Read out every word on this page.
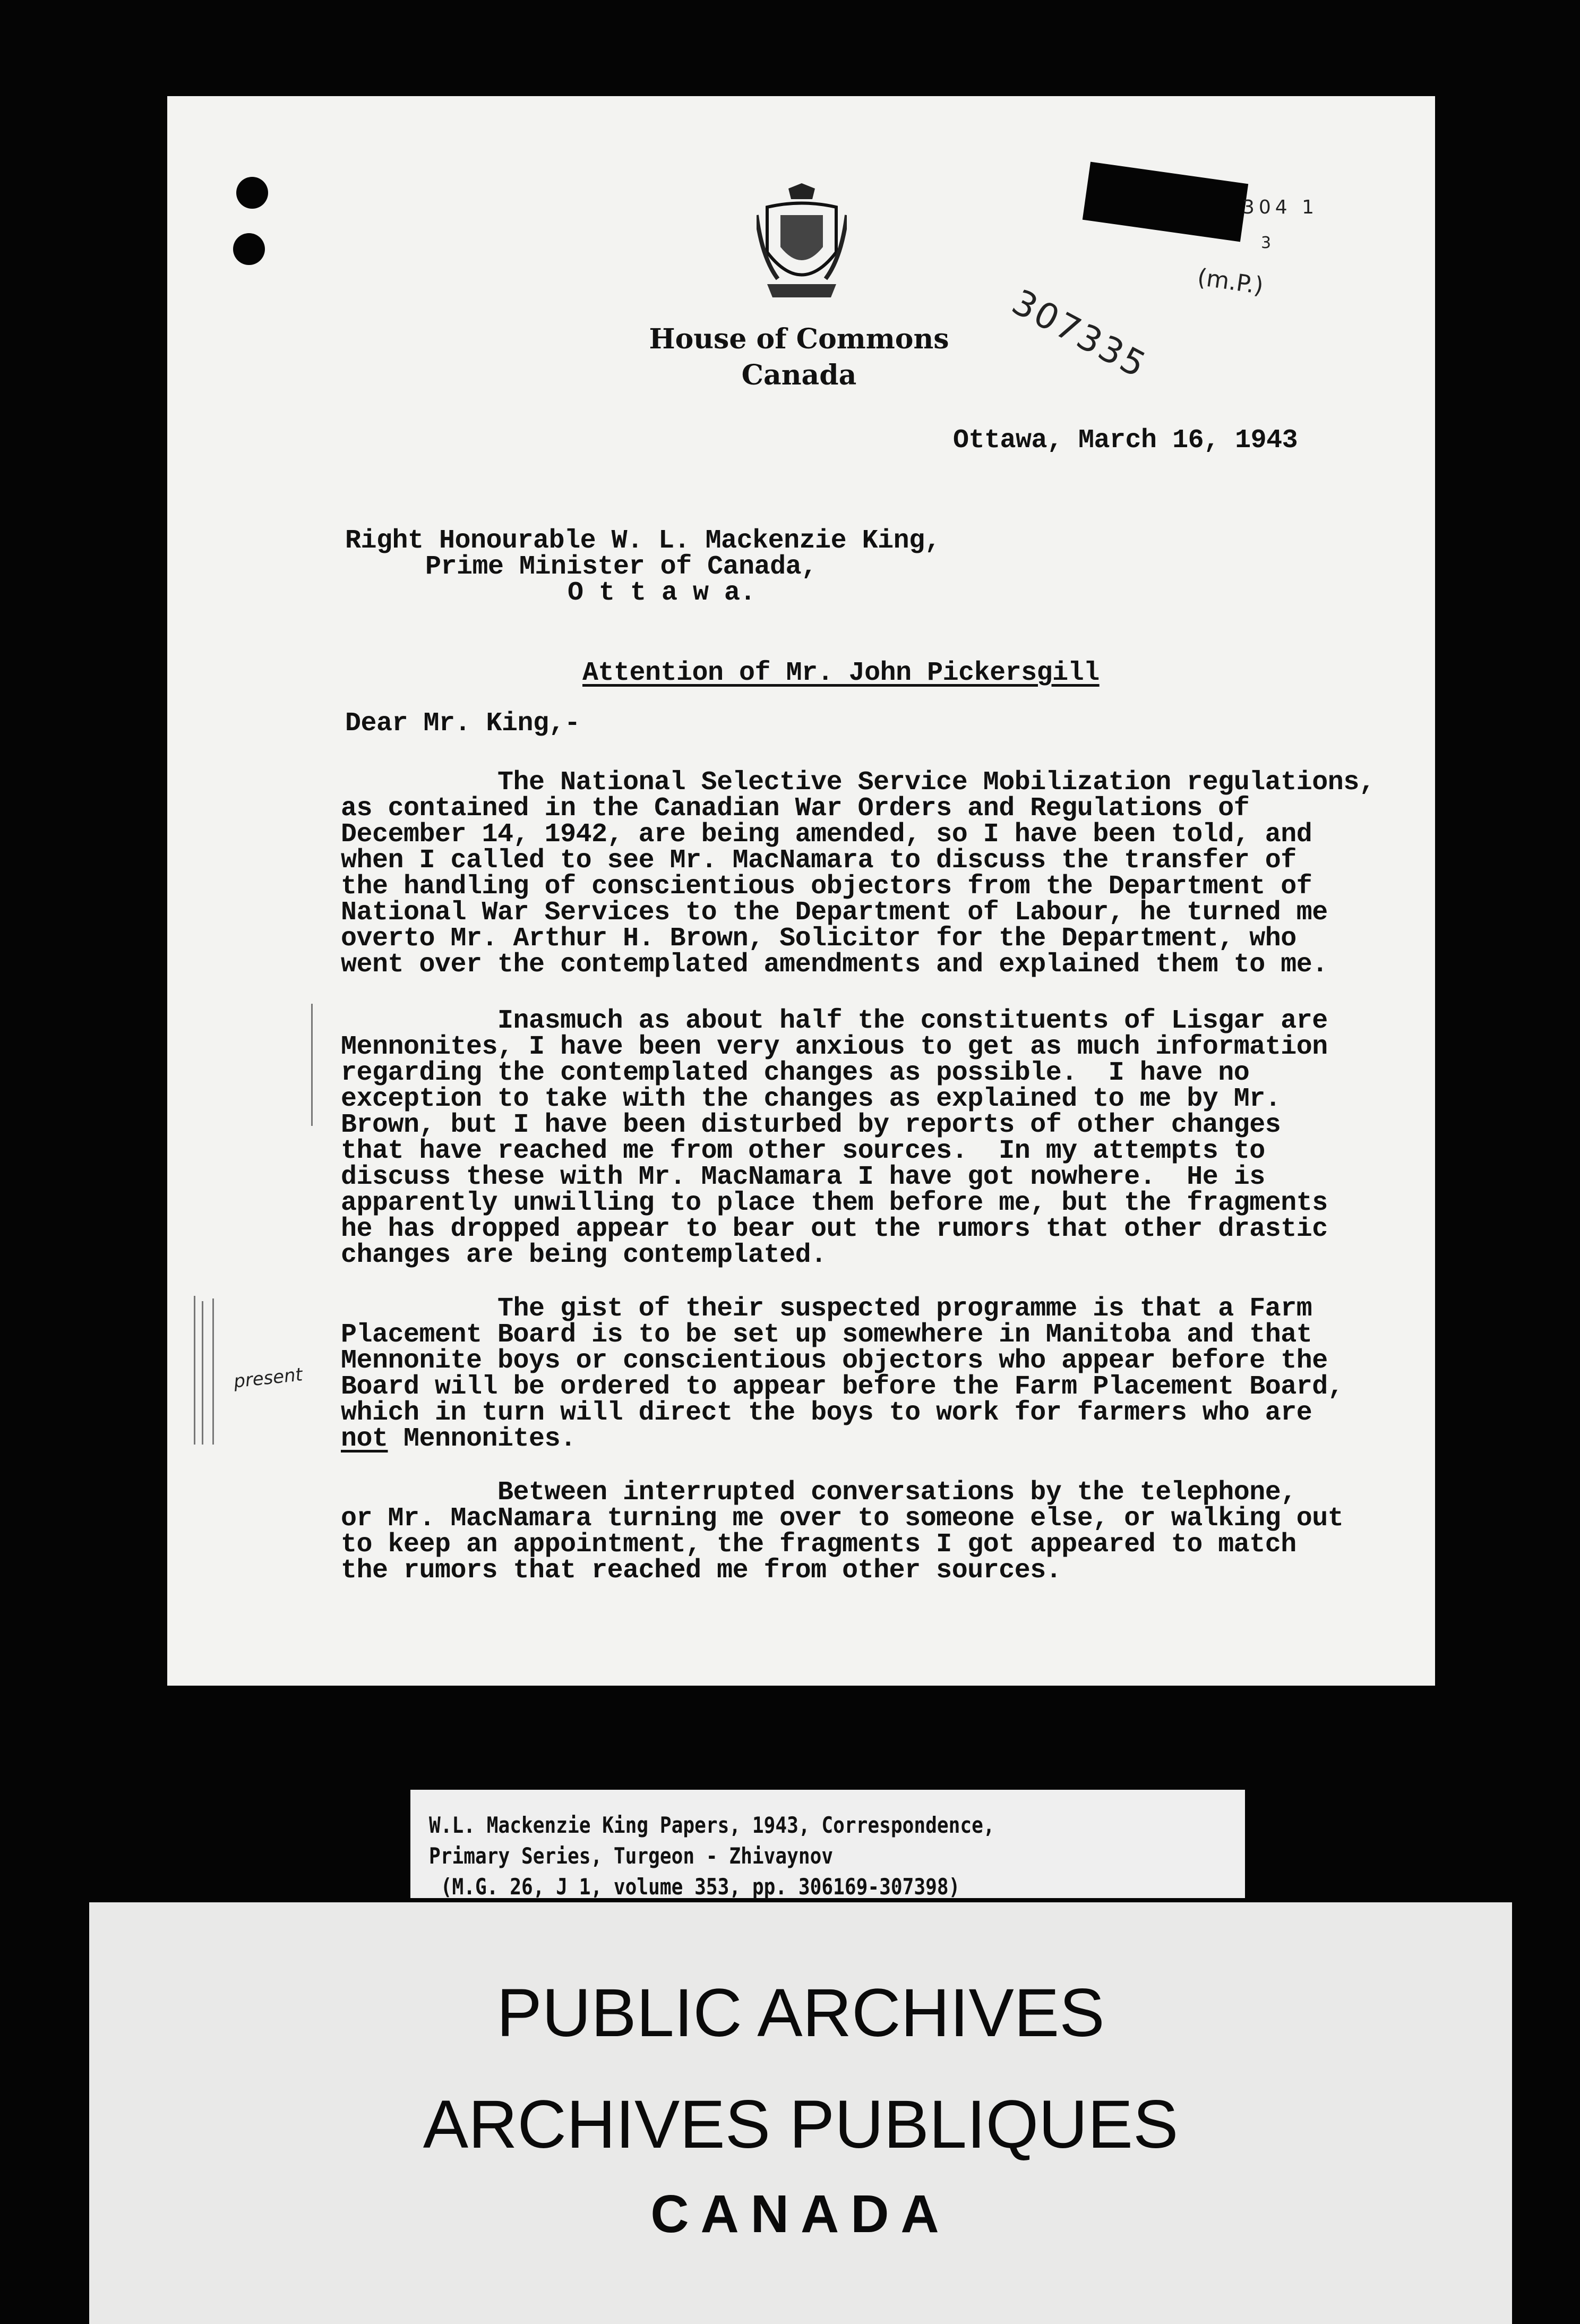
304 1
3
(m.P.)
307335
House of Commons
Canada
Ottawa, March 16, 1943
Right Honourable W. L. Mackenzie King,
Prime Minister of Canada,
O t t a w a.
Attention of Mr. John Pickersgill
Dear Mr. King,-
The National Selective Service Mobilization regulations,
as contained in the Canadian War Orders and Regulations of
December 14, 1942, are being amended, so I have been told, and
when I called to see Mr. MacNamara to discuss the transfer of
the handling of conscientious objectors from the Department of
National War Services to the Department of Labour, he turned me
overto Mr. Arthur H. Brown, Solicitor for the Department, who
went over the contemplated amendments and explained them to me.
Inasmuch as about half the constituents of Lisgar are
Mennonites, I have been very anxious to get as much information
regarding the contemplated changes as possible.  I have no
exception to take with the changes as explained to me by Mr.
Brown, but I have been disturbed by reports of other changes
that have reached me from other sources.  In my attempts to
discuss these with Mr. MacNamara I have got nowhere.  He is
apparently unwilling to place them before me, but the fragments
he has dropped appear to bear out the rumors that other drastic
changes are being contemplated.
The gist of their suspected programme is that a Farm
Placement Board is to be set up somewhere in Manitoba and that
Mennonite boys or conscientious objectors who appear before the
Board will be ordered to appear before the Farm Placement Board,
which in turn will direct the boys to work for farmers who are
not Mennonites.
Between interrupted conversations by the telephone,
or Mr. MacNamara turning me over to someone else, or walking out
to keep an appointment, the fragments I got appeared to match
the rumors that reached me from other sources.
present
W.L. Mackenzie King Papers, 1943, Correspondence,
Primary Series, Turgeon - Zhivaynov
(M.G. 26, J 1, volume 353, pp. 306169-307398)
PUBLIC ARCHIVES
ARCHIVES PUBLIQUES
CANADA
